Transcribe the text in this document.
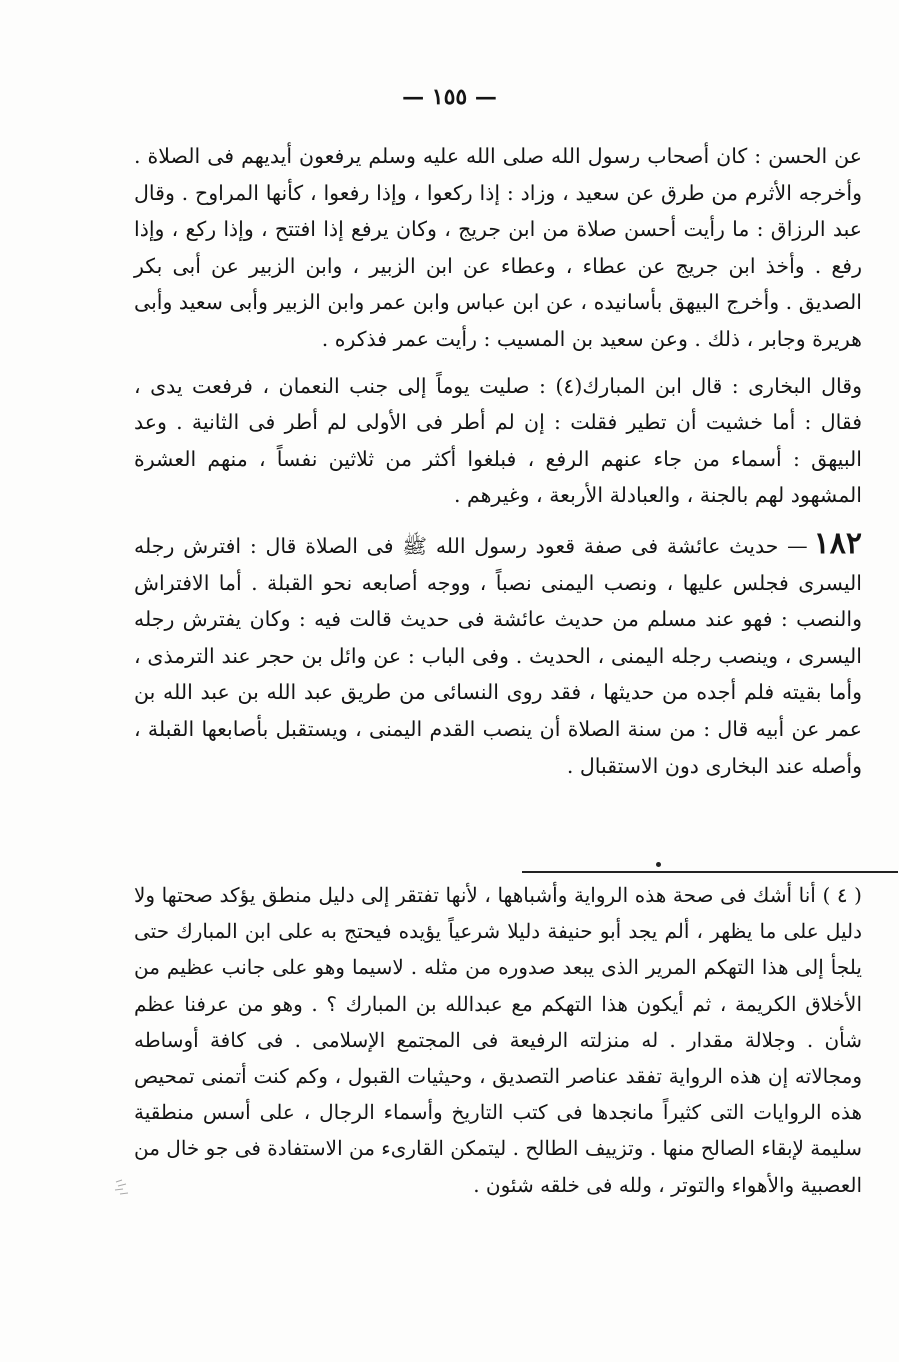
— ١٥٥ —

عن الحسن : كان أصحاب رسول الله صلى الله عليه وسلم يرفعون أيديهم فى الصلاة . وأخرجه الأثرم من طرق عن سعيد ، وزاد : إذا ركعوا ، وإذا رفعوا ، كأنها المراوح . وقال عبد الرزاق : ما رأيت أحسن صلاة من ابن جريج ، وكان يرفع إذا افتتح ، وإذا ركع ، وإذا رفع . وأخذ ابن جريج عن عطاء ، وعطاء عن ابن الزبير ، وابن الزبير عن أبى بكر الصديق . وأخرج البيهق بأسانيده ، عن ابن عباس وابن عمر وابن الزبير وأبى سعيد وأبى هريرة وجابر ، ذلك . وعن سعيد بن المسيب : رأيت عمر فذكره .

وقال البخارى : قال ابن المبارك(٤) : صليت يوماً إلى جنب النعمان ، فرفعت يدى ، فقال : أما خشيت أن تطير فقلت : إن لم أطر فى الأولى لم أطر فى الثانية . وعد البيهق : أسماء من جاء عنهم الرفع ، فبلغوا أكثر من ثلاثين نفساً ، منهم العشرة المشهود لهم بالجنة ، والعبادلة الأربعة ، وغيرهم .

١٨٢— حديث عائشة فى صفة قعود رسول الله ﷺ فى الصلاة قال : افترش رجله اليسرى فجلس عليها ، ونصب اليمنى نصباً ، ووجه أصابعه نحو القبلة . أما الافتراش والنصب : فهو عند مسلم من حديث عائشة فى حديث قالت فيه : وكان يفترش رجله اليسرى ، وينصب رجله اليمنى ، الحديث . وفى الباب : عن وائل بن حجر عند الترمذى ، وأما بقيته فلم أجده من حديثها ، فقد روى النسائى من طريق عبد الله بن عبد الله بن عمر عن أبيه قال : من سنة الصلاة أن ينصب القدم اليمنى ، ويستقبل بأصابعها القبلة ، وأصله عند البخارى دون الاستقبال .

( ٤ ) أنا أشك فى صحة هذه الرواية وأشباهها ، لأنها تفتقر إلى دليل منطق يؤكد صحتها ولا دليل على ما يظهر ، ألم يجد أبو حنيفة دليلا شرعياً يؤيده فيحتج به على ابن المبارك حتى يلجأ إلى هذا التهكم المرير الذى يبعد صدوره من مثله . لاسيما وهو على جانب عظيم من الأخلاق الكريمة ، ثم أيكون هذا التهكم مع عبدالله بن المبارك ؟ . وهو من عرفنا عظم شأن . وجلالة مقدار . له منزلته الرفيعة فى المجتمع الإسلامى . فى كافة أوساطه ومجالاته إن هذه الرواية تفقد عناصر التصديق ، وحيثيات القبول ، وكم كنت أتمنى تمحيص هذه الروايات التى كثيراً مانجدها فى كتب التاريخ وأسماء الرجال ، على أسس منطقية سليمة لإبقاء الصالح منها . وتزييف الطالح . ليتمكن القارىء من الاستفادة فى جو خال من العصبية والأهواء والتوتر ، ولله فى خلقه شئون .
